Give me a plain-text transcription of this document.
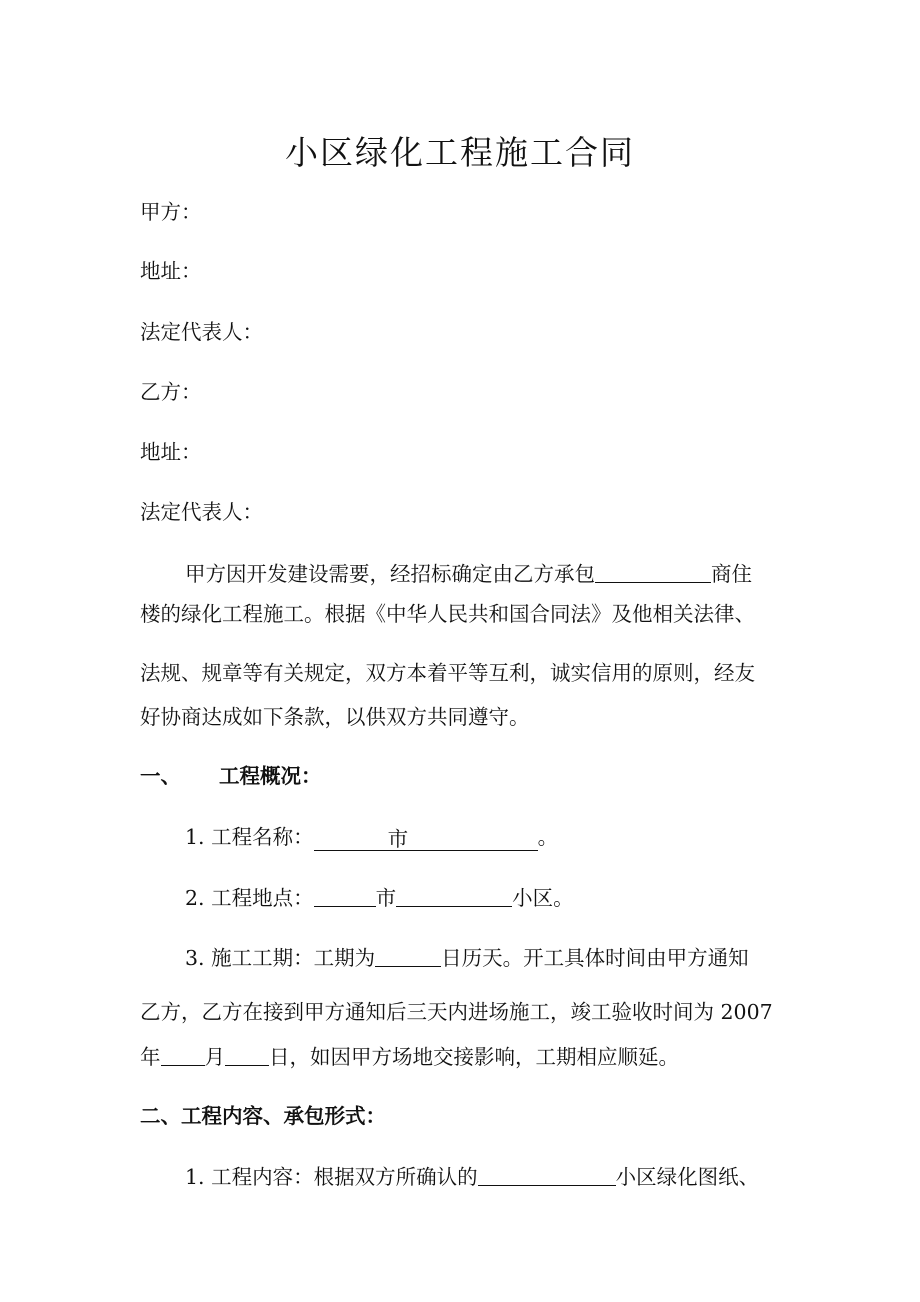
小区绿化工程施工合同
甲方：
地址：
法定代表人：
乙方：
地址：
法定代表人：
甲方因开发建设需要，经招标确定由乙方承包	商住
楼的绿化工程施工。根据《中华人民共和国合同法》及他相关法律、
法规、规章等有关规定，双方本着平等互利，诚实信用的原则，经友
好协商达成如下条款，以供双方共同遵守。
一、 工程概况：
1. 工程名称：	市	。
2. 工程地点：	市	小区。
3. 施工工期：工期为	日历天。开工具体时间由甲方通知
乙方，乙方在接到甲方通知后三天内进场施工，竣工验收时间为 2007
年 月 日，如因甲方场地交接影响，工期相应顺延。
二、工程内容、承包形式：
1. 工程内容：根据双方所确认的	小区绿化图纸、
